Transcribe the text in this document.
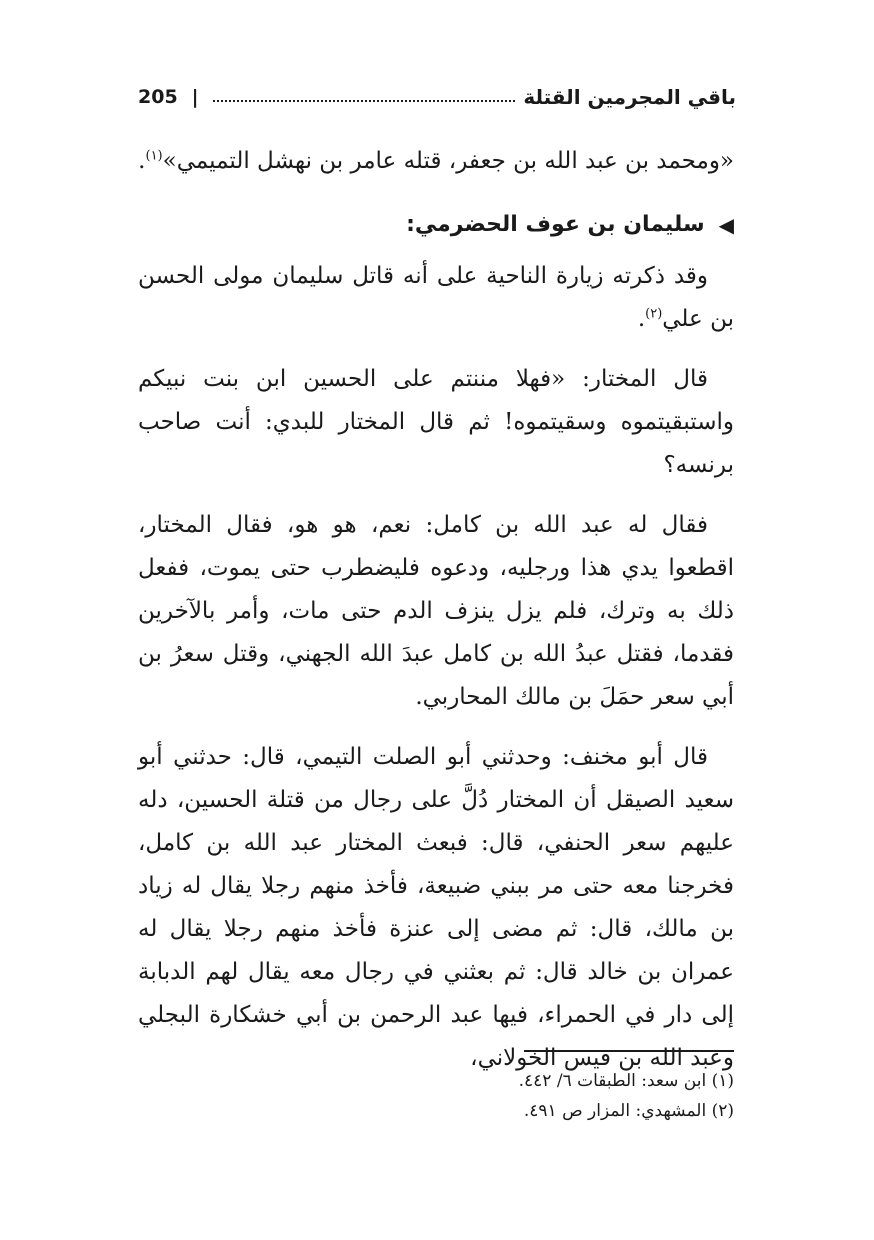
205 |	باقي المجرمين القتلة

«ومحمد بن عبد الله بن جعفر، قتله عامر بن نهشل التميمي»$^{(١)}$.

◀
سليمان بن عوف الحضرمي:

وقد ذكرته زيارة الناحية على أنه قاتل سليمان مولى الحسن بن علي$^{(٢)}$.

قال المختار: «فهلا مننتم على الحسين ابن بنت نبيكم واستبقيتموه وسقيتموه! ثم قال المختار للبدي: أنت صاحب برنسه؟

فقال له عبد الله بن كامل: نعم، هو هو، فقال المختار، اقطعوا يدي هذا ورجليه، ودعوه فليضطرب حتى يموت، ففعل ذلك به وترك، فلم يزل ينزف الدم حتى مات، وأمر بالآخرين فقدما، فقتل عبدُ الله بن كامل عبدَ الله الجهني، وقتل سعرُ بن أبي سعر حمَلَ بن مالك المحاربي.

قال أبو مخنف: وحدثني أبو الصلت التيمي، قال: حدثني أبو سعيد الصيقل أن المختار دُلَّ على رجال من قتلة الحسين، دله عليهم سعر الحنفي، قال: فبعث المختار عبد الله بن كامل، فخرجنا معه حتى مر ببني ضبيعة، فأخذ منهم رجلا يقال له زياد بن مالك، قال: ثم مضى إلى عنزة فأخذ منهم رجلا يقال له عمران بن خالد قال: ثم بعثني في رجال معه يقال لهم الدبابة إلى دار في الحمراء، فيها عبد الرحمن بن أبي خشكارة البجلي وعبد الله بن قيس الخولاني،

(١) ابن سعد: الطبقات ٦/ ٤٤٢.
(٢) المشهدي: المزار ص ٤٩١.
